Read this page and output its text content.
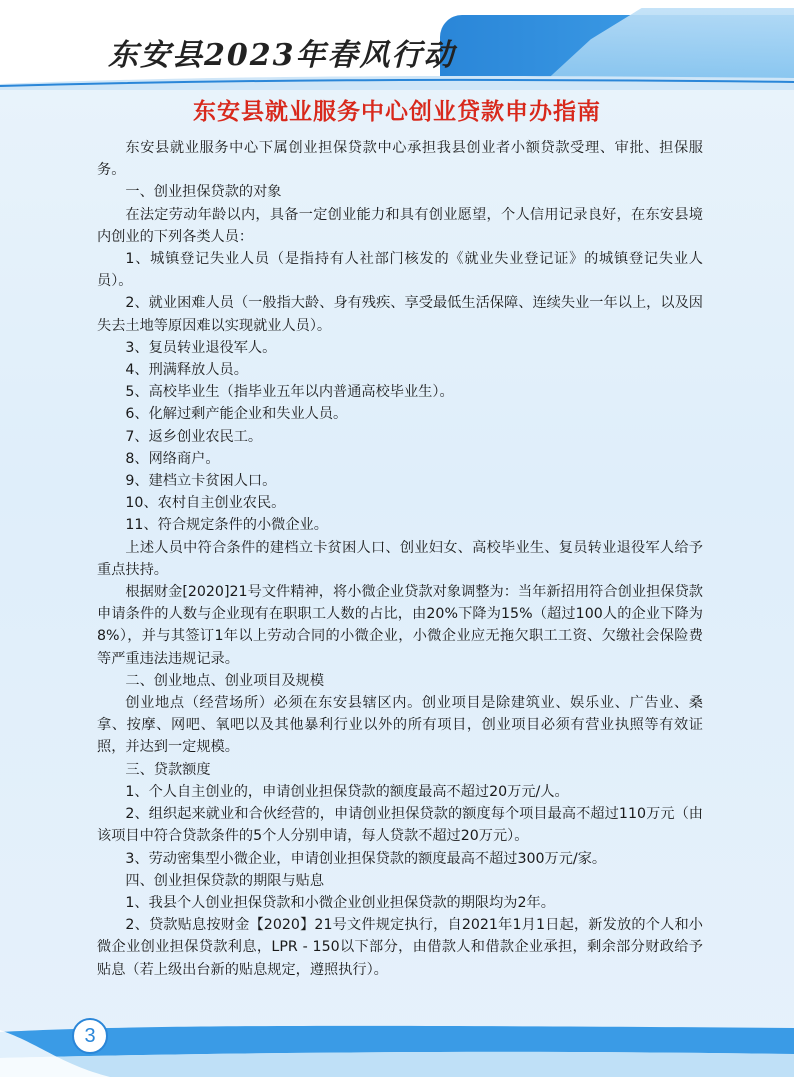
东安县2023年春风行动
东安县就业服务中心创业贷款申办指南

东安县就业服务中心下属创业担保贷款中心承担我县创业者小额贷款受理、审批、担保服务。

一、创业担保贷款的对象

在法定劳动年龄以内，具备一定创业能力和具有创业愿望，个人信用记录良好，在东安县境内创业的下列各类人员：

1、城镇登记失业人员（是指持有人社部门核发的《就业失业登记证》的城镇登记失业人员）。

2、就业困难人员（一般指大龄、身有残疾、享受最低生活保障、连续失业一年以上，以及因失去土地等原因难以实现就业人员）。

3、复员转业退役军人。

4、刑满释放人员。

5、高校毕业生（指毕业五年以内普通高校毕业生）。

6、化解过剩产能企业和失业人员。

7、返乡创业农民工。

8、网络商户。

9、建档立卡贫困人口。

10、农村自主创业农民。

11、符合规定条件的小微企业。

上述人员中符合条件的建档立卡贫困人口、创业妇女、高校毕业生、复员转业退役军人给予重点扶持。

根据财金[2020]21号文件精神，将小微企业贷款对象调整为：当年新招用符合创业担保贷款申请条件的人数与企业现有在职职工人数的占比，由20%下降为15%（超过100人的企业下降为8%），并与其签订1年以上劳动合同的小微企业，小微企业应无拖欠职工工资、欠缴社会保险费等严重违法违规记录。

二、创业地点、创业项目及规模

创业地点（经营场所）必须在东安县辖区内。创业项目是除建筑业、娱乐业、广告业、桑拿、按摩、网吧、氧吧以及其他暴利行业以外的所有项目，创业项目必须有营业执照等有效证照，并达到一定规模。

三、贷款额度

1、个人自主创业的，申请创业担保贷款的额度最高不超过20万元/人。

2、组织起来就业和合伙经营的，申请创业担保贷款的额度每个项目最高不超过110万元（由该项目中符合贷款条件的5个人分别申请，每人贷款不超过20万元）。

3、劳动密集型小微企业，申请创业担保贷款的额度最高不超过300万元/家。

四、创业担保贷款的期限与贴息

1、我县个人创业担保贷款和小微企业创业担保贷款的期限均为2年。

2、贷款贴息按财金【2020】21号文件规定执行，自2021年1月1日起，新发放的个人和小微企业创业担保贷款利息，LPR - 150以下部分，由借款人和借款企业承担，剩余部分财政给予贴息（若上级出台新的贴息规定，遵照执行）。

3
